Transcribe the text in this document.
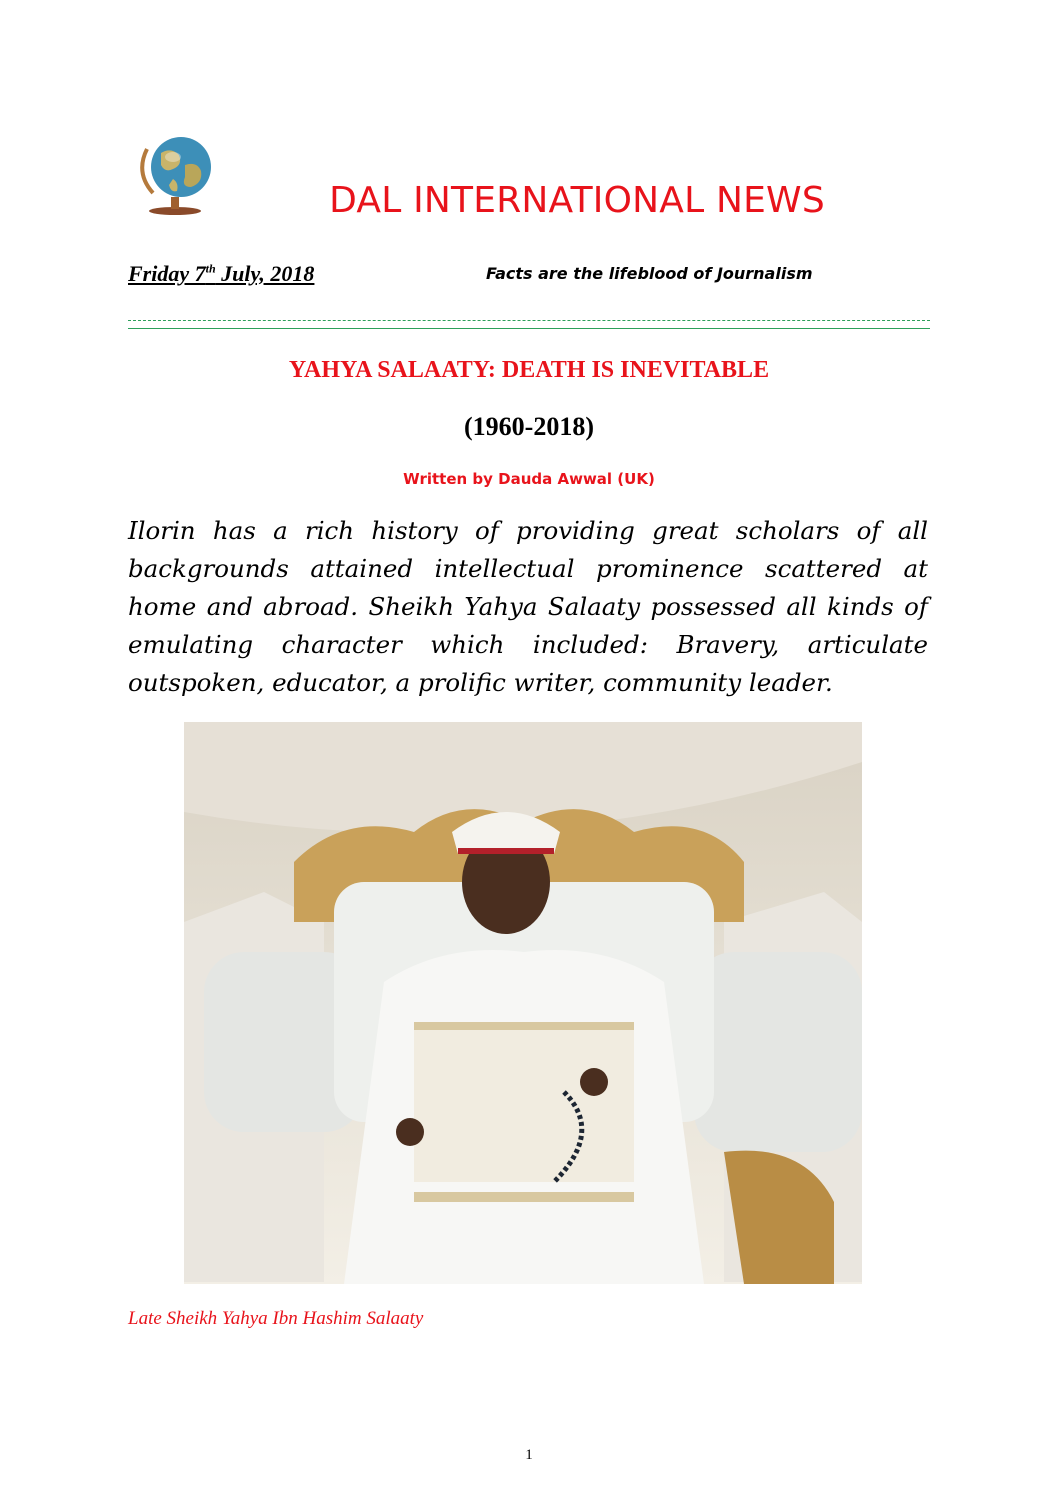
DAL INTERNATIONAL NEWS
Friday 7th July, 2018	Facts are the lifeblood of Journalism
YAHYA SALAATY: DEATH IS INEVITABLE
(1960-2018)
Written by Dauda Awwal (UK)
Ilorin has a rich history of providing great scholars of all backgrounds attained intellectual prominence scattered at home and abroad. Sheikh Yahya Salaaty possessed all kinds of emulating character which included: Bravery, articulate outspoken, educator, a prolific writer, community leader.
Late Sheikh Yahya Ibn Hashim Salaaty
1
